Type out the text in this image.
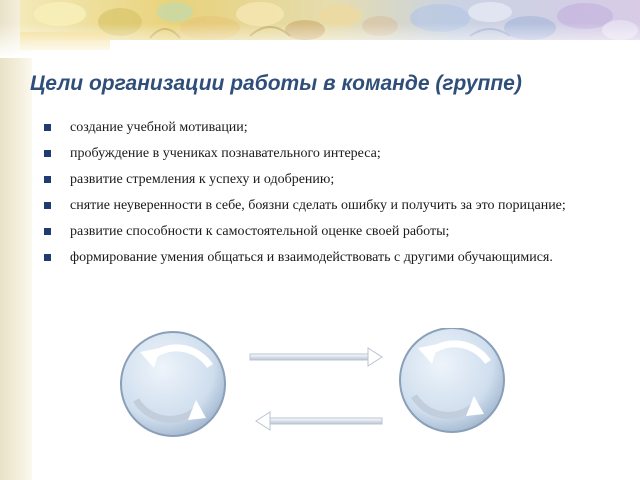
Цели организации работы в команде (группе)
создание учебной мотивации;
пробуждение в учениках познавательного интереса;
развитие стремления к успеху и одобрению;
снятие неуверенности в себе, боязни сделать ошибку и получить за это порицание;
развитие способности к самостоятельной оценке своей работы;
формирование умения общаться и взаимодействовать с другими обучающимися.
